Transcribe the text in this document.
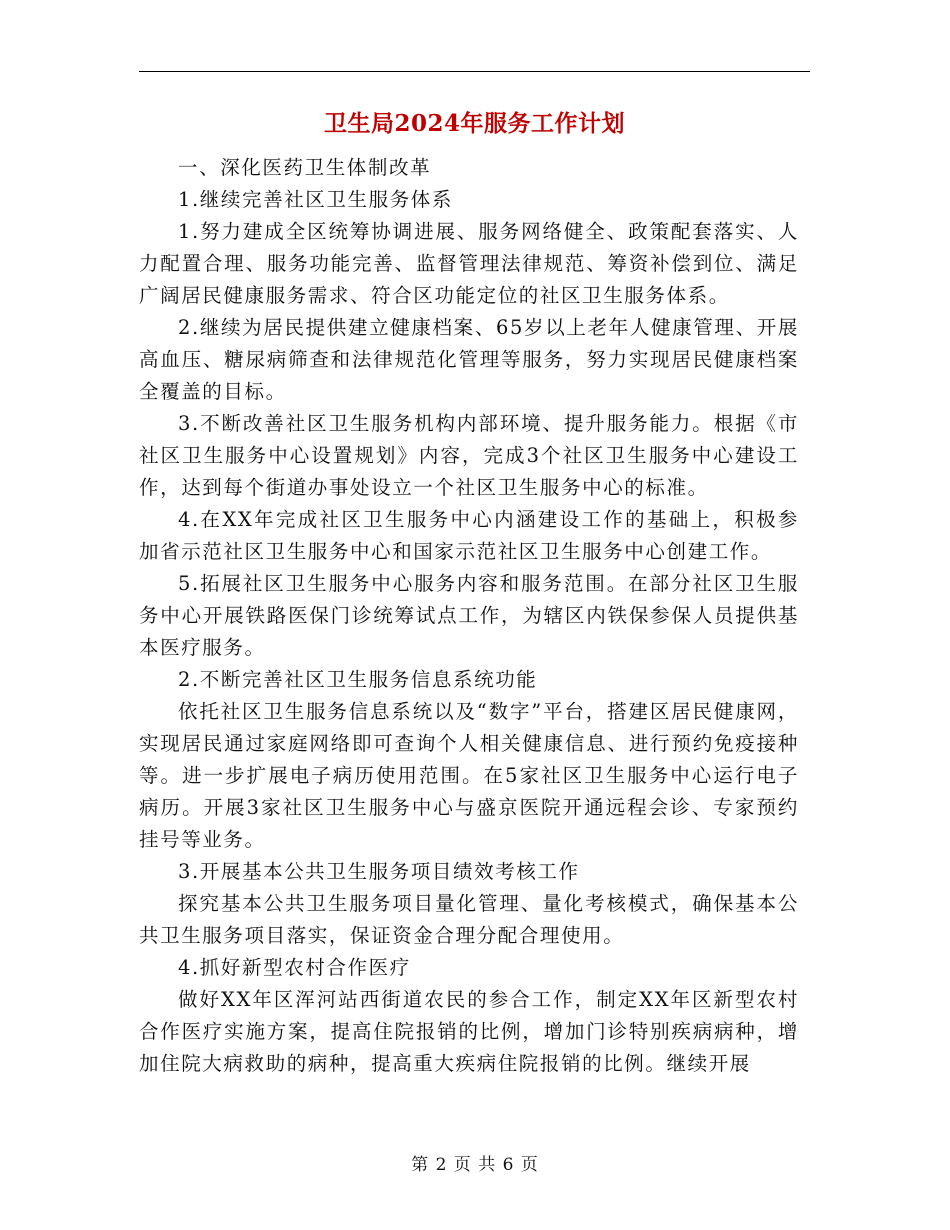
卫生局2024年服务工作计划

一、深化医药卫生体制改革

1.继续完善社区卫生服务体系

1.努力建成全区统筹协调进展、服务网络健全、政策配套落实、人力配置合理、服务功能完善、监督管理法律规范、筹资补偿到位、满足广阔居民健康服务需求、符合区功能定位的社区卫生服务体系。

2.继续为居民提供建立健康档案、65岁以上老年人健康管理、开展高血压、糖尿病筛查和法律规范化管理等服务，努力实现居民健康档案全覆盖的目标。

3.不断改善社区卫生服务机构内部环境、提升服务能力。根据《市社区卫生服务中心设置规划》内容，完成3个社区卫生服务中心建设工作，达到每个街道办事处设立一个社区卫生服务中心的标准。

4.在XX年完成社区卫生服务中心内涵建设工作的基础上，积极参加省示范社区卫生服务中心和国家示范社区卫生服务中心创建工作。

5.拓展社区卫生服务中心服务内容和服务范围。在部分社区卫生服务中心开展铁路医保门诊统筹试点工作，为辖区内铁保参保人员提供基本医疗服务。

2.不断完善社区卫生服务信息系统功能

依托社区卫生服务信息系统以及“数字”平台，搭建区居民健康网，实现居民通过家庭网络即可查询个人相关健康信息、进行预约免疫接种等。进一步扩展电子病历使用范围。在5家社区卫生服务中心运行电子病历。开展3家社区卫生服务中心与盛京医院开通远程会诊、专家预约挂号等业务。

3.开展基本公共卫生服务项目绩效考核工作

探究基本公共卫生服务项目量化管理、量化考核模式，确保基本公共卫生服务项目落实，保证资金合理分配合理使用。

4.抓好新型农村合作医疗

做好XX年区浑河站西街道农民的参合工作，制定XX年区新型农村合作医疗实施方案，提高住院报销的比例，增加门诊特别疾病病种，增加住院大病救助的病种，提高重大疾病住院报销的比例。继续开展

第 2 页 共 6 页
